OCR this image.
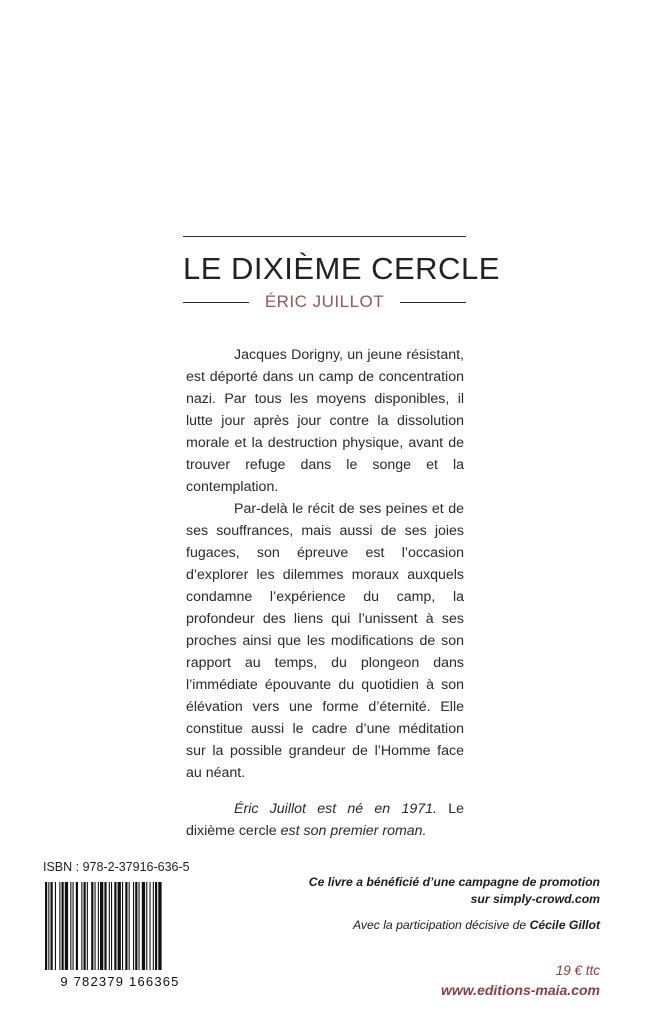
LE DIXIÈME CERCLE
ÉRIC JUILLOT

Jacques Dorigny, un jeune résistant, est déporté dans un camp de concentration nazi. Par tous les moyens disponibles, il lutte jour après jour contre la dissolution morale et la destruction physique, avant de trouver refuge dans le songe et la contemplation.

Par-delà le récit de ses peines et de ses souffrances, mais aussi de ses joies fugaces, son épreuve est l’occasion d’explorer les dilemmes moraux auxquels condamne l’expérience du camp, la profondeur des liens qui l’unissent à ses proches ainsi que les modifications de son rapport au temps, du plongeon dans l’immédiate épouvante du quotidien à son élévation vers une forme d’éternité. Elle constitue aussi le cadre d’une méditation sur la possible grandeur de l’Homme face au néant.

Éric Juillot est né en 1971. Le dixième cercle est son premier roman.

ISBN : 978-2-37916-636-5
9 782379 166365
Ce livre a bénéficié d’une campagne de promotion
sur simply-crowd.com
Avec la participation décisive de Cécile Gillot
19 € ttc
www.editions-maia.com
